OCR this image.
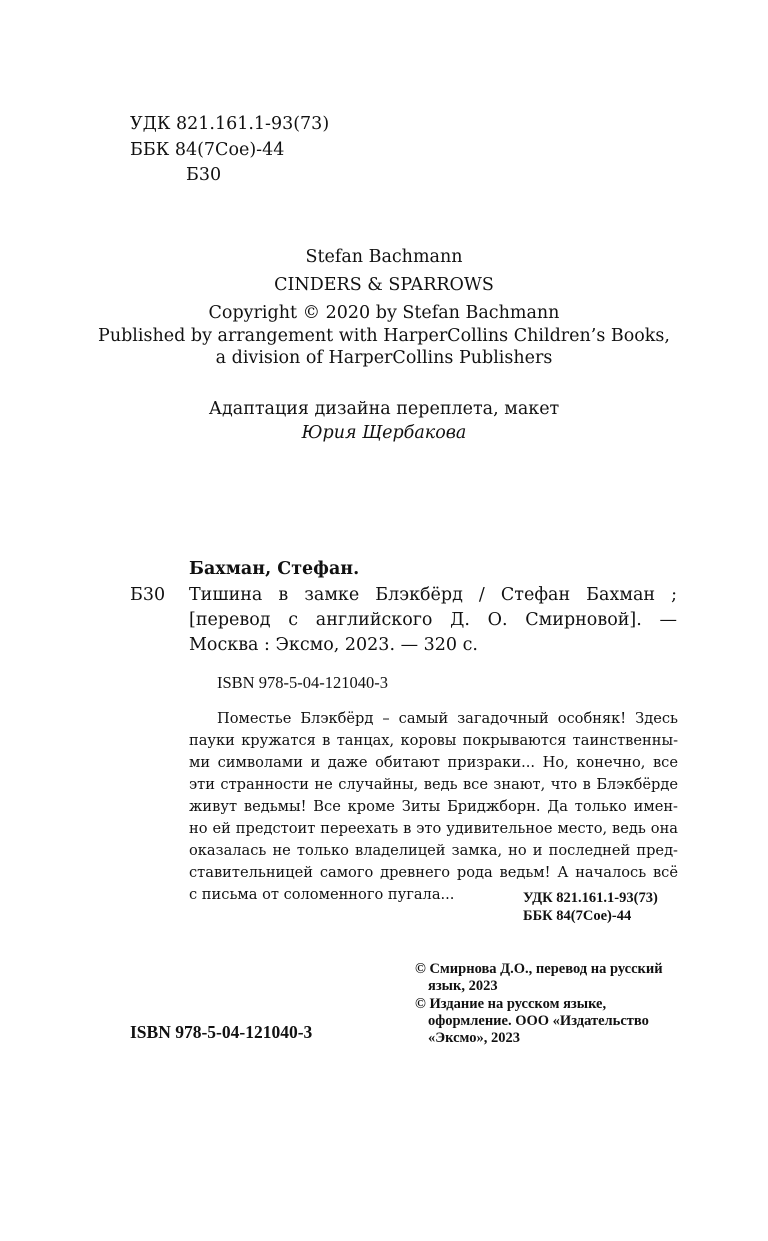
УДК 821.161.1-93(73)
ББК 84(7Сое)-44
Б30
Stefan Bachmann
CINDERS & SPARROWS
Copyright © 2020 by Stefan Bachmann
Published by arrangement with HarperCollins Children’s Books,
a division of HarperCollins Publishers
Адаптация дизайна переплета, макет
Юрия Щербакова
Бахман, Стефан.
Б30 Тишина в замке Блэкбёрд / Стефан Бахман ;
[перевод с английского Д. О. Смирновой]. —
Москва : Эксмо, 2023. — 320 с.
ISBN 978-5-04-121040-3
Поместье Блэкбёрд – самый загадочный особняк! Здесь
пауки кружатся в танцах, коровы покрываются таинственны-
ми символами и даже обитают призраки... Но, конечно, все
эти странности не случайны, ведь все знают, что в Блэкбёрде
живут ведьмы! Все кроме Зиты Бриджборн. Да только имен-
но ей предстоит переехать в это удивительное место, ведь она
оказалась не только владелицей замка, но и последней пред-
ставительницей самого древнего рода ведьм! А началось всё
с письма от соломенного пугала...	УДК 821.161.1-93(73)
ББК 84(7Сое)-44
© Смирнова Д.О., перевод на русский
язык, 2023
© Издание на русском языке,
оформление. ООО «Издательство
«Эксмо», 2023
ISBN 978-5-04-121040-3
